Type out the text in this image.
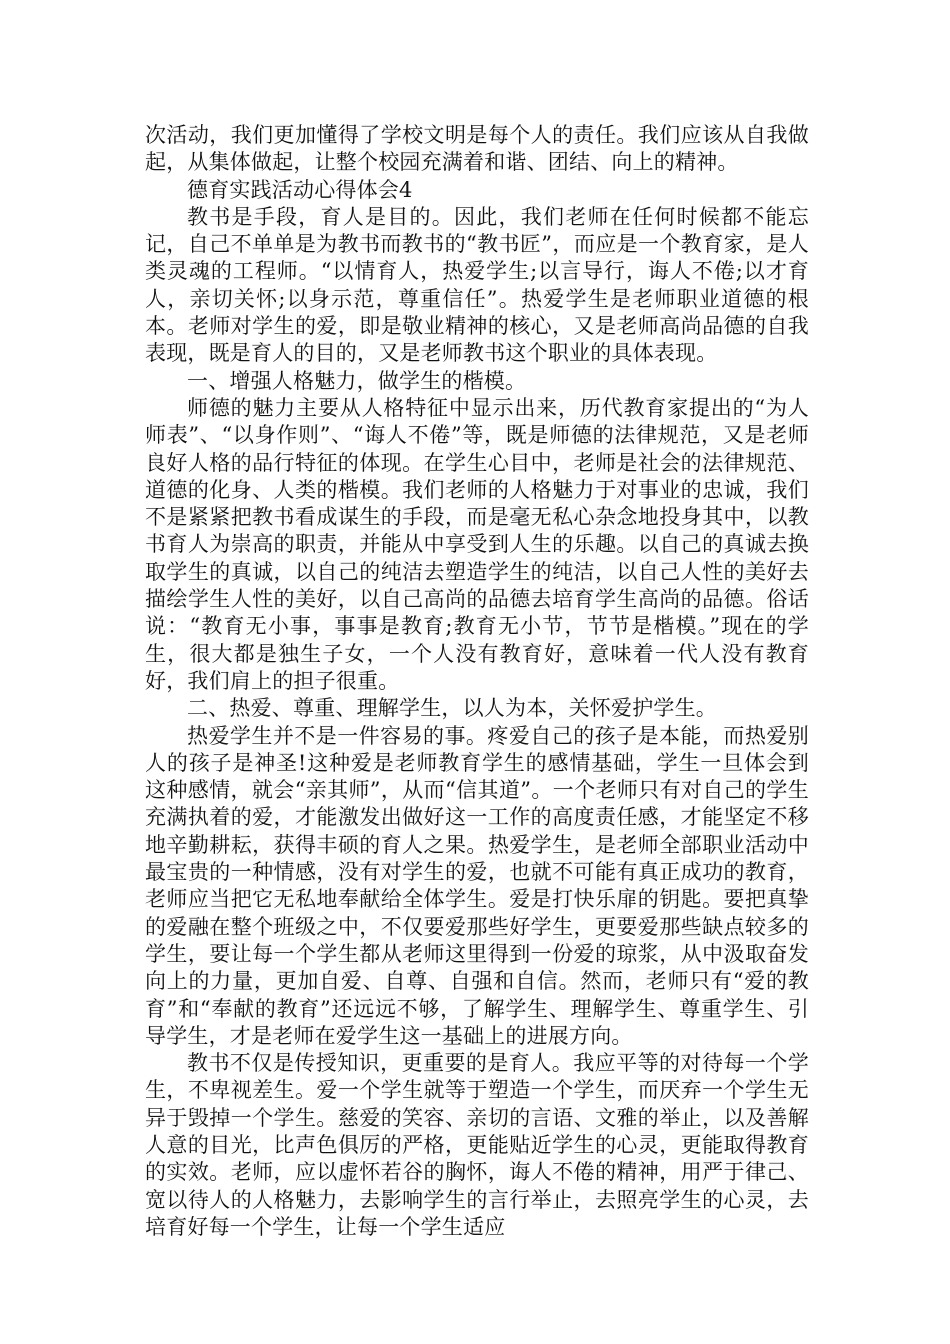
次活动，我们更加懂得了学校文明是每个人的责任。我们应该从自我做起，从集体做起，让整个校园充满着和谐、团结、向上的精神。

德育实践活动心得体会4

教书是手段，育人是目的。因此，我们老师在任何时候都不能忘记，自己不单单是为教书而教书的“教书匠”，而应是一个教育家，是人类灵魂的工程师。“以情育人，热爱学生;以言导行，诲人不倦;以才育人，亲切关怀;以身示范，尊重信任”。热爱学生是老师职业道德的根本。老师对学生的爱，即是敬业精神的核心，又是老师高尚品德的自我表现，既是育人的目的，又是老师教书这个职业的具体表现。

一、增强人格魅力，做学生的楷模。

师德的魅力主要从人格特征中显示出来，历代教育家提出的“为人师表”、“以身作则”、“诲人不倦”等，既是师德的法律规范，又是老师良好人格的品行特征的体现。在学生心目中，老师是社会的法律规范、道德的化身、人类的楷模。我们老师的人格魅力于对事业的忠诚，我们不是紧紧把教书看成谋生的手段，而是毫无私心杂念地投身其中，以教书育人为崇高的职责，并能从中享受到人生的乐趣。以自己的真诚去换取学生的真诚，以自己的纯洁去塑造学生的纯洁，以自己人性的美好去描绘学生人性的美好，以自己高尚的品德去培育学生高尚的品德。俗话说：“教育无小事，事事是教育;教育无小节，节节是楷模。”现在的学生，很大都是独生子女，一个人没有教育好，意味着一代人没有教育好，我们肩上的担子很重。

二、热爱、尊重、理解学生，以人为本，关怀爱护学生。

热爱学生并不是一件容易的事。疼爱自己的孩子是本能，而热爱别人的孩子是神圣!这种爱是老师教育学生的感情基础，学生一旦体会到这种感情，就会“亲其师”，从而“信其道”。一个老师只有对自己的学生充满执着的爱，才能激发出做好这一工作的高度责任感，才能坚定不移地辛勤耕耘，获得丰硕的育人之果。热爱学生，是老师全部职业活动中最宝贵的一种情感，没有对学生的爱，也就不可能有真正成功的教育，老师应当把它无私地奉献给全体学生。爱是打快乐扉的钥匙。要把真挚的爱融在整个班级之中，不仅要爱那些好学生，更要爱那些缺点较多的学生，要让每一个学生都从老师这里得到一份爱的琼浆，从中汲取奋发向上的力量，更加自爱、自尊、自强和自信。然而，老师只有“爱的教育”和“奉献的教育”还远远不够，了解学生、理解学生、尊重学生、引导学生，才是老师在爱学生这一基础上的进展方向。

教书不仅是传授知识，更重要的是育人。我应平等的对待每一个学生，不卑视差生。爱一个学生就等于塑造一个学生，而厌弃一个学生无异于毁掉一个学生。慈爱的笑容、亲切的言语、文雅的举止，以及善解人意的目光，比声色俱厉的严格，更能贴近学生的心灵，更能取得教育的实效。老师，应以虚怀若谷的胸怀，诲人不倦的精神，用严于律己、宽以待人的人格魅力，去影响学生的言行举止，去照亮学生的心灵，去培育好每一个学生，让每一个学生适应
